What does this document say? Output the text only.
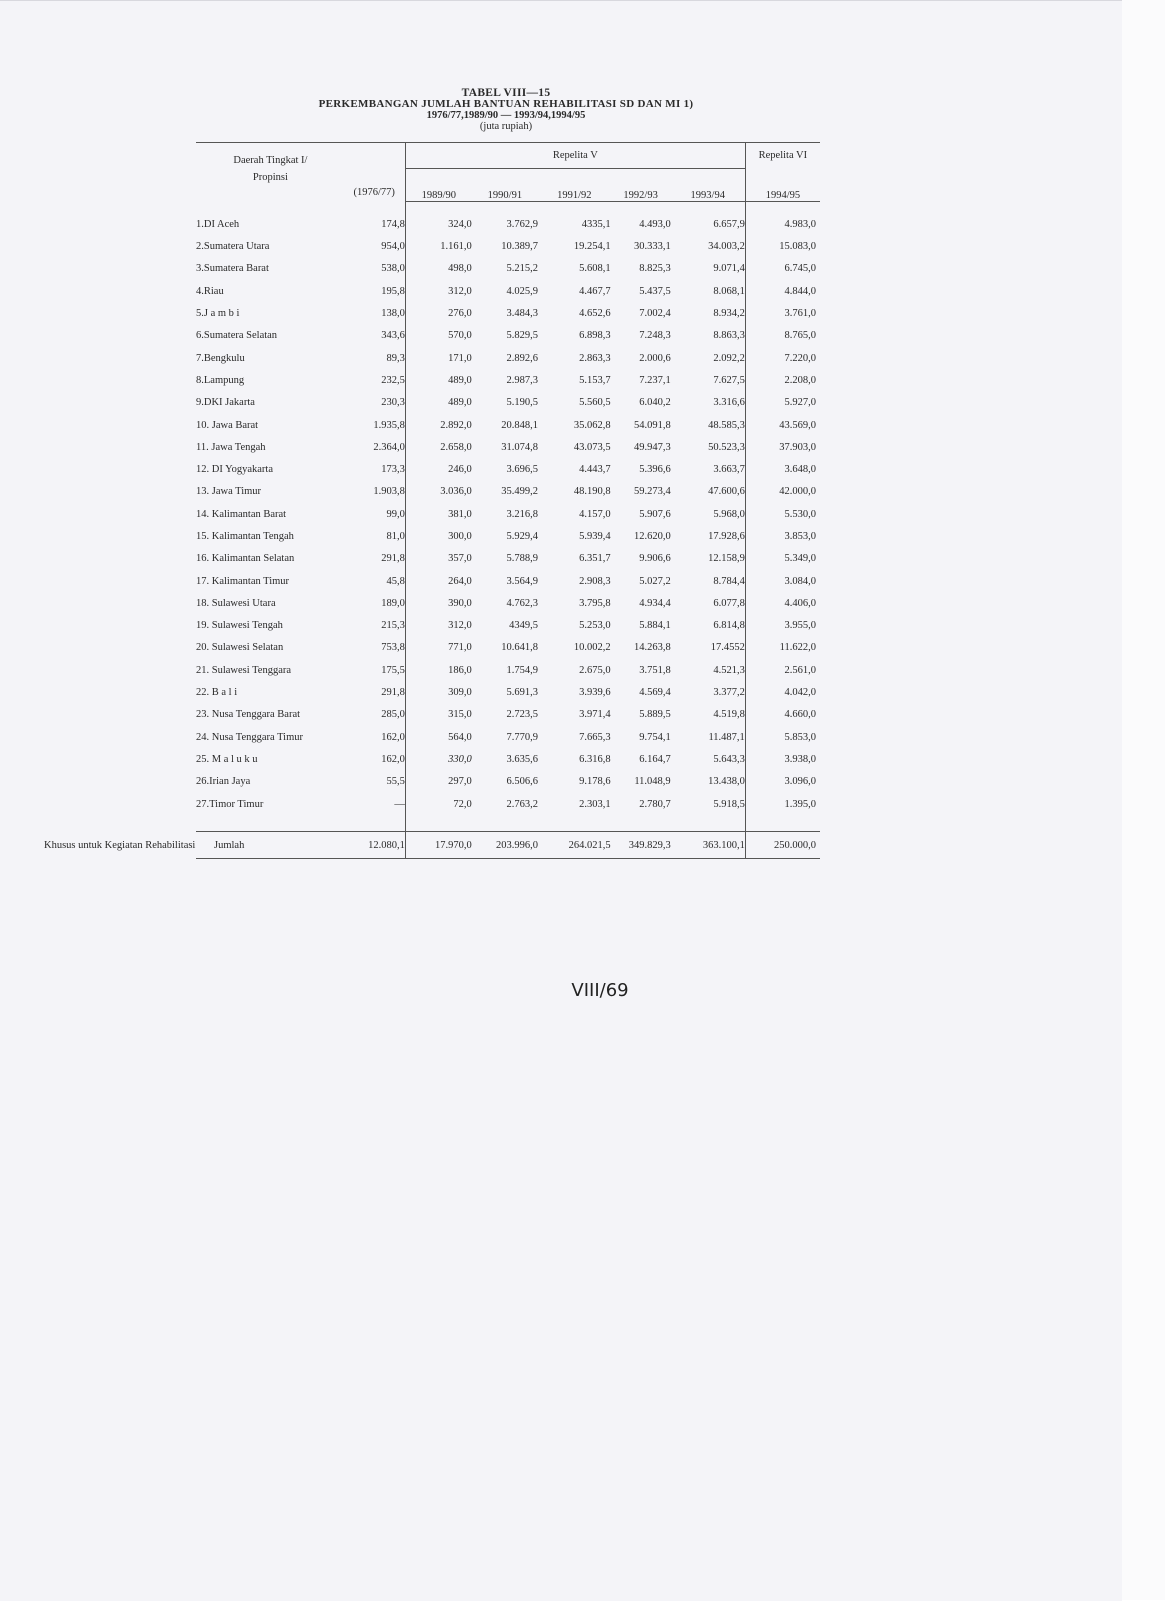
TABEL VIII—15
PERKEMBANGAN JUMLAH BANTUAN REHABILITASI SD DAN MI 1)
1976/77,1989/90 — 1993/94,1994/95
(juta rupiah)
Daerah Tingkat I/
Propinsi
(1976/77)		Repelita V					Repelita VI
		1989/90	1990/91	1991/92	1992/93	1993/94	1994/95
1.DI Aceh	174,8	324,0	3.762,9	4335,1	4.493,0	6.657,9	4.983,0
2.Sumatera Utara	954,0	1.161,0	10.389,7	19.254,1	30.333,1	34.003,2	15.083,0
3.Sumatera Barat	538,0	498,0	5.215,2	5.608,1	8.825,3	9.071,4	6.745,0
4.Riau	195,8	312,0	4.025,9	4.467,7	5.437,5	8.068,1	4.844,0
5.J a m b i	138,0	276,0	3.484,3	4.652,6	7.002,4	8.934,2	3.761,0
6.Sumatera Selatan	343,6	570,0	5.829,5	6.898,3	7.248,3	8.863,3	8.765,0
7.Bengkulu	89,3	171,0	2.892,6	2.863,3	2.000,6	2.092,2	7.220,0
8.Lampung	232,5	489,0	2.987,3	5.153,7	7.237,1	7.627,5	2.208,0
9.DKI Jakarta	230,3	489,0	5.190,5	5.560,5	6.040,2	3.316,6	5.927,0
10. Jawa Barat	1.935,8	2.892,0	20.848,1	35.062,8	54.091,8	48.585,3	43.569,0
11. Jawa Tengah	2.364,0	2.658,0	31.074,8	43.073,5	49.947,3	50.523,3	37.903,0
12. DI Yogyakarta	173,3	246,0	3.696,5	4.443,7	5.396,6	3.663,7	3.648,0
13. Jawa Timur	1.903,8	3.036,0	35.499,2	48.190,8	59.273,4	47.600,6	42.000,0
14. Kalimantan Barat	99,0	381,0	3.216,8	4.157,0	5.907,6	5.968,0	5.530,0
15. Kalimantan Tengah	81,0	300,0	5.929,4	5.939,4	12.620,0	17.928,6	3.853,0
16. Kalimantan Selatan	291,8	357,0	5.788,9	6.351,7	9.906,6	12.158,9	5.349,0
17. Kalimantan Timur	45,8	264,0	3.564,9	2.908,3	5.027,2	8.784,4	3.084,0
18. Sulawesi Utara	189,0	390,0	4.762,3	3.795,8	4.934,4	6.077,8	4.406,0
19. Sulawesi Tengah	215,3	312,0	4349,5	5.253,0	5.884,1	6.814,8	3.955,0
20. Sulawesi Selatan	753,8	771,0	10.641,8	10.002,2	14.263,8	17.4552	11.622,0
21. Sulawesi Tenggara	175,5	186,0	1.754,9	2.675,0	3.751,8	4.521,3	2.561,0
22. B a l i	291,8	309,0	5.691,3	3.939,6	4.569,4	3.377,2	4.042,0
23. Nusa Tenggara Barat	285,0	315,0	2.723,5	3.971,4	5.889,5	4.519,8	4.660,0
24. Nusa Tenggara Timur	162,0	564,0	7.770,9	7.665,3	9.754,1	11.487,1	5.853,0
25. M a l u k u	162,0	330,0	3.635,6	6.316,8	6.164,7	5.643,3	3.938,0
26.Irian Jaya	55,5	297,0	6.506,6	9.178,6	11.048,9	13.438,0	3.096,0
27.Timor Timur	—	72,0	2.763,2	2.303,1	2.780,7	5.918,5	1.395,0

Jumlah	12.080,1	17.970,0	203.996,0	264.021,5	349.829,3	363.100,1	250.000,0
Khusus untuk Kegiatan Rehabilitasi
VIII/69
